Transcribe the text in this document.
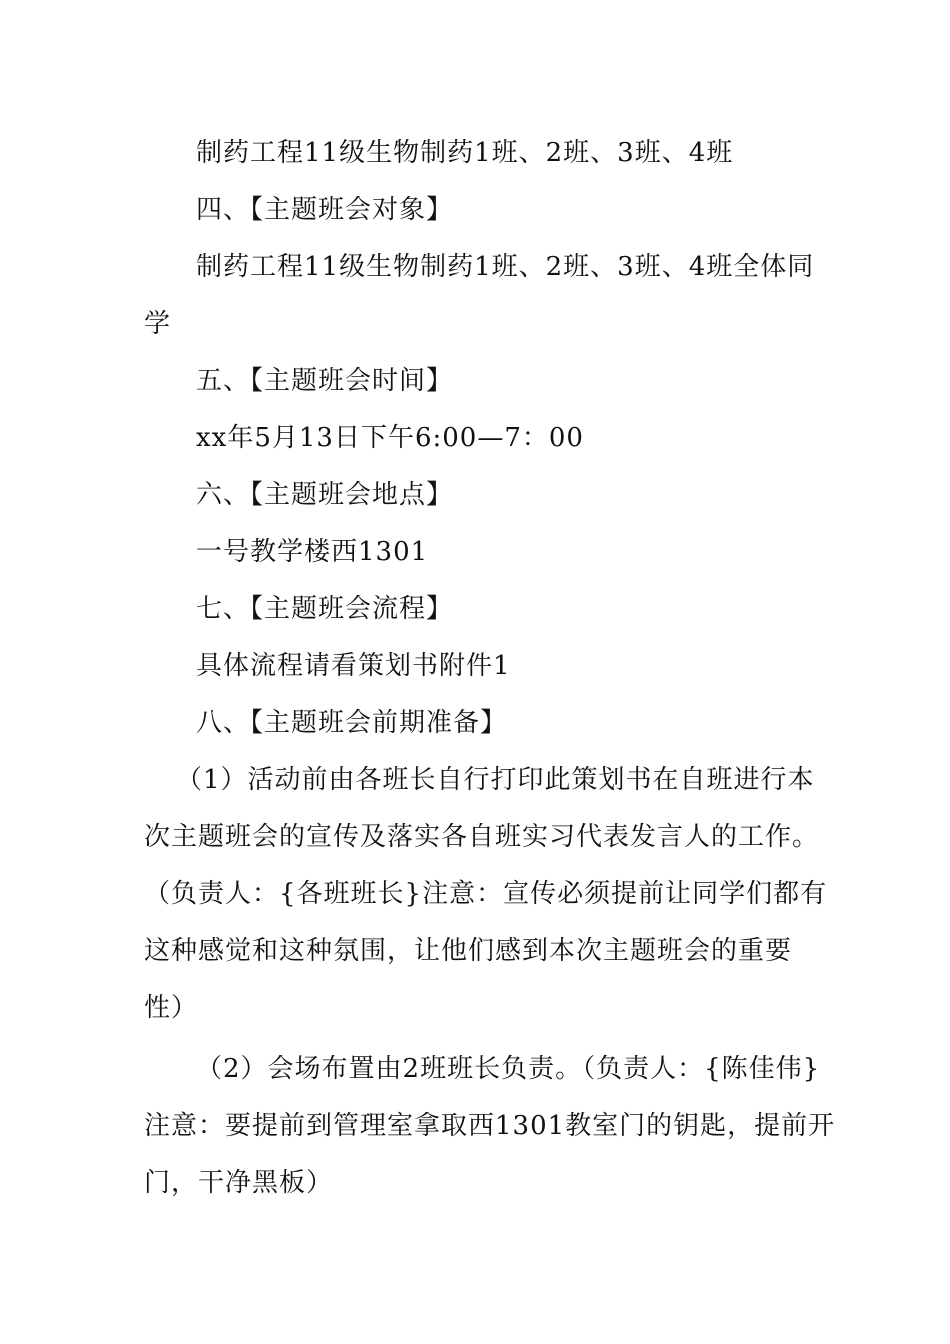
制药工程11级生物制药1班、2班、3班、4班
四、【主题班会对象】
制药工程11级生物制药1班、2班、3班、4班全体同
学
五、【主题班会时间】
xx年5月13日下午6:00—7：00
六、【主题班会地点】
一号教学楼西1301
七、【主题班会流程】
具体流程请看策划书附件1
八、【主题班会前期准备】
（1）活动前由各班长自行打印此策划书在自班进行本
次主题班会的宣传及落实各自班实习代表发言人的工作。
（负责人：{各班班长}注意：宣传必须提前让同学们都有
这种感觉和这种氛围，让他们感到本次主题班会的重要
性）
（2）会场布置由2班班长负责。（负责人：{陈佳伟}
注意：要提前到管理室拿取西1301教室门的钥匙，提前开
门，干净黑板）
